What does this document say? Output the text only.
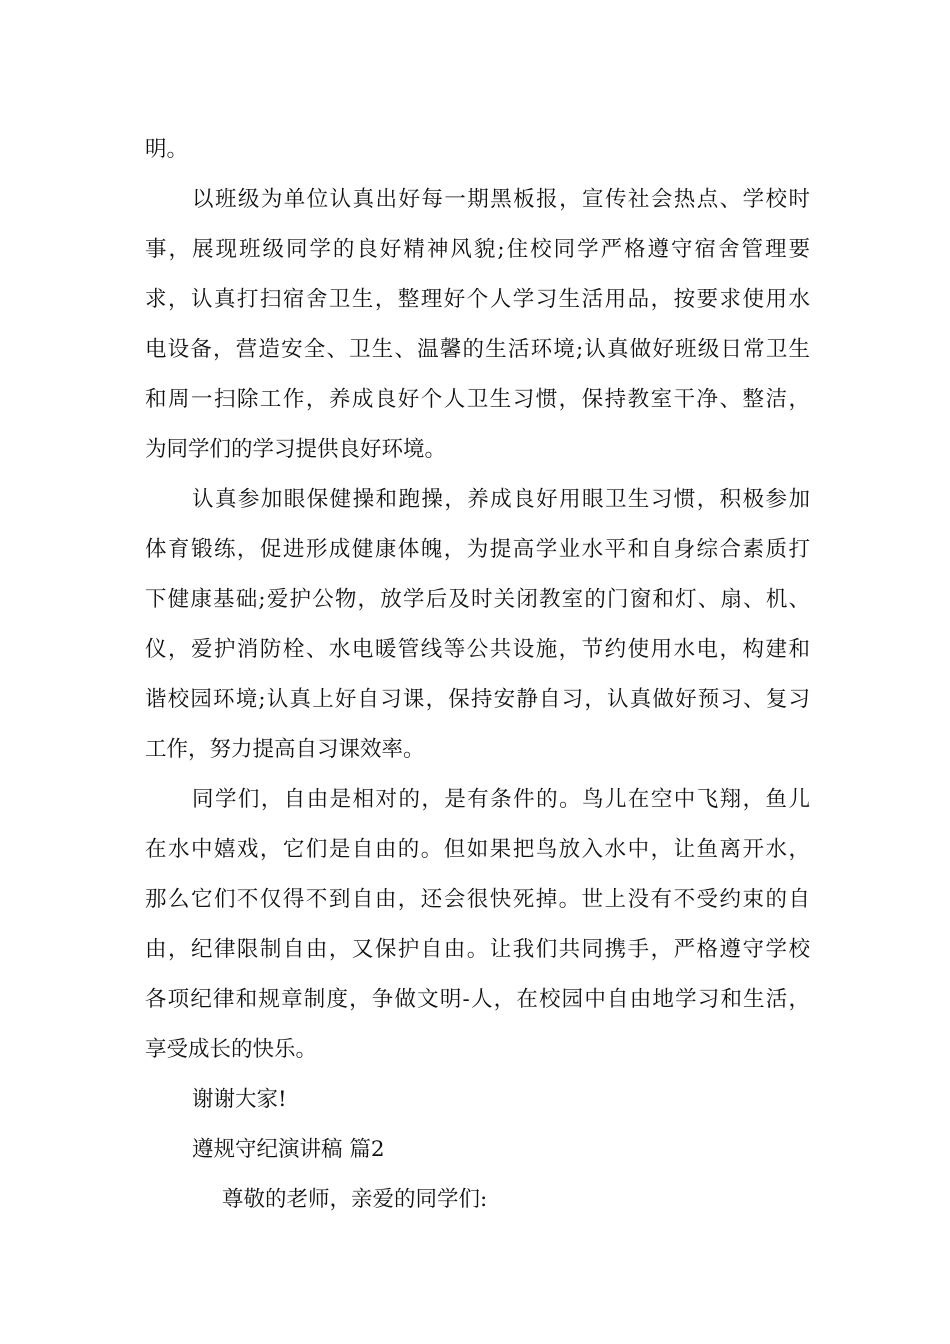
明。
以班级为单位认真出好每一期黑板报，宣传社会热点、学校时
事，展现班级同学的良好精神风貌;住校同学严格遵守宿舍管理要
求，认真打扫宿舍卫生，整理好个人学习生活用品，按要求使用水
电设备，营造安全、卫生、温馨的生活环境;认真做好班级日常卫生
和周一扫除工作，养成良好个人卫生习惯，保持教室干净、整洁，
为同学们的学习提供良好环境。
认真参加眼保健操和跑操，养成良好用眼卫生习惯，积极参加
体育锻练，促进形成健康体魄，为提高学业水平和自身综合素质打
下健康基础;爱护公物，放学后及时关闭教室的门窗和灯、扇、机、
仪，爱护消防栓、水电暖管线等公共设施，节约使用水电，构建和
谐校园环境;认真上好自习课，保持安静自习，认真做好预习、复习
工作，努力提高自习课效率。
同学们，自由是相对的，是有条件的。鸟儿在空中飞翔，鱼儿
在水中嬉戏，它们是自由的。但如果把鸟放入水中，让鱼离开水，
那么它们不仅得不到自由，还会很快死掉。世上没有不受约束的自
由，纪律限制自由，又保护自由。让我们共同携手，严格遵守学校
各项纪律和规章制度，争做文明-人，在校园中自由地学习和生活，
享受成长的快乐。
谢谢大家!
遵规守纪演讲稿 篇2
尊敬的老师，亲爱的同学们:
